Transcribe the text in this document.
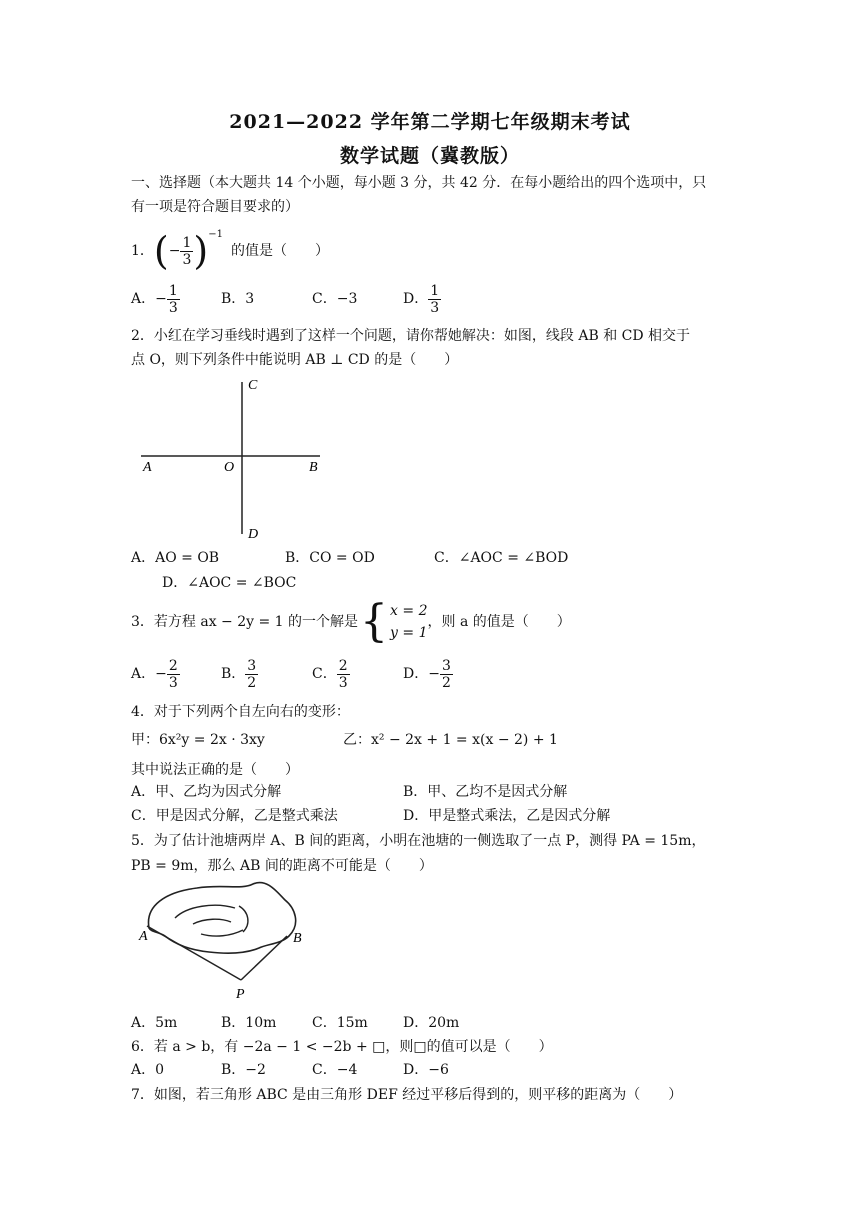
2021—2022 学年第二学期七年级期末考试
数学试题（冀教版）
一、选择题（本大题共 14 个小题，每小题 3 分，共 42 分．在每小题给出的四个选项中，只
有一项是符合题目要求的）
1． ( − $\frac{1}{3}$ ) −1
的值是（　　）
A． − $\frac{1}{3}$	B．3	C．−3	D． $\frac{1}{3}$
2．小红在学习垂线时遇到了这样一个问题，请你帮她解决：如图，线段 AB 和 CD 相交于
点 O，则下列条件中能说明 AB ⊥ CD 的是（　　）
C
A	O	B
D
A．AO = OB	B．CO = OD	C．∠AOC = ∠BOD
D．∠AOC = ∠BOC
3．若方程 ax − 2y = 1 的一个解是 { x = 2
y = 1
，则 a 的值是（　　）
A． − $\frac{2}{3}$	B． $\frac{3}{2}$	C． $\frac{2}{3}$	D． − $\frac{3}{2}$
4．对于下列两个自左向右的变形：
甲：6x²y = 2x · 3xy	乙：x² − 2x + 1 = x(x − 2) + 1
其中说法正确的是（　　）
A．甲、乙均为因式分解	B．甲、乙均不是因式分解
C．甲是因式分解，乙是整式乘法	D．甲是整式乘法，乙是因式分解
5．为了估计池塘两岸 A、B 间的距离，小明在池塘的一侧选取了一点 P，测得 PA = 15m，
PB = 9m，那么 AB 间的距离不可能是（　　）
A	B
P
A．5m	B．10m	C．15m	D．20m
6．若 a > b，有 −2a − 1 < −2b + □，则□的值可以是（　　）
A．0	B．−2	C．−4	D．−6
7．如图，若三角形 ABC 是由三角形 DEF 经过平移后得到的，则平移的距离为（　　）
